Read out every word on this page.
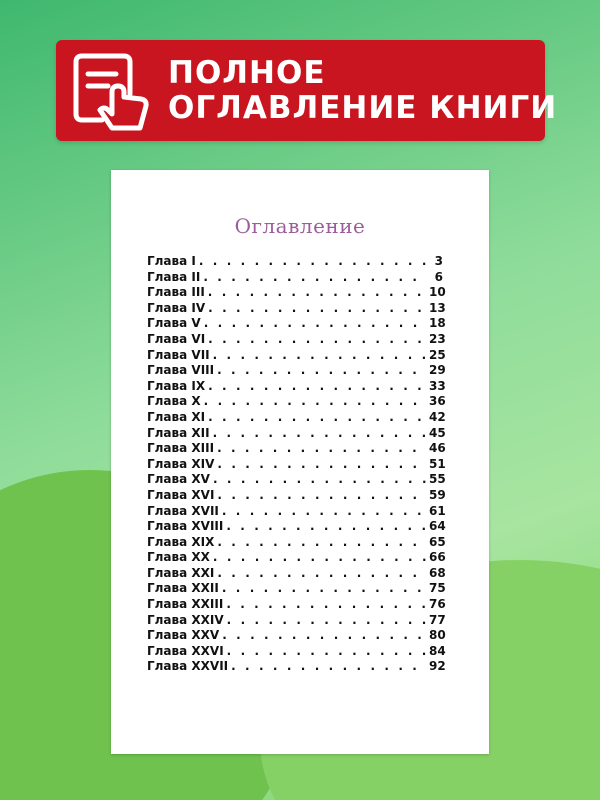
ПОЛНОЕ
ОГЛАВЛЕНИЕ КНИГИ
Оглавление
Глава I . . .	3
Глава II . . .	6
Глава III . . .	10
Глава IV . . .	13
Глава V . . .	18
Глава VI . . .	23
Глава VII . . .	25
Глава VIII . . .	29
Глава IX . . .	33
Глава X . . .	36
Глава XI . . .	42
Глава XII . . .	45
Глава XIII . . .	46
Глава XIV . . .	51
Глава XV . . .	55
Глава XVI . . .	59
Глава XVII . . .	61
Глава XVIII . . .	64
Глава XIX . . .	65
Глава XX . . .	66
Глава XXI . . .	68
Глава XXII . . .	75
Глава XXIII . . .	76
Глава XXIV . . .	77
Глава XXV . . .	80
Глава XXVI . . .	84
Глава XXVII . . .	92
